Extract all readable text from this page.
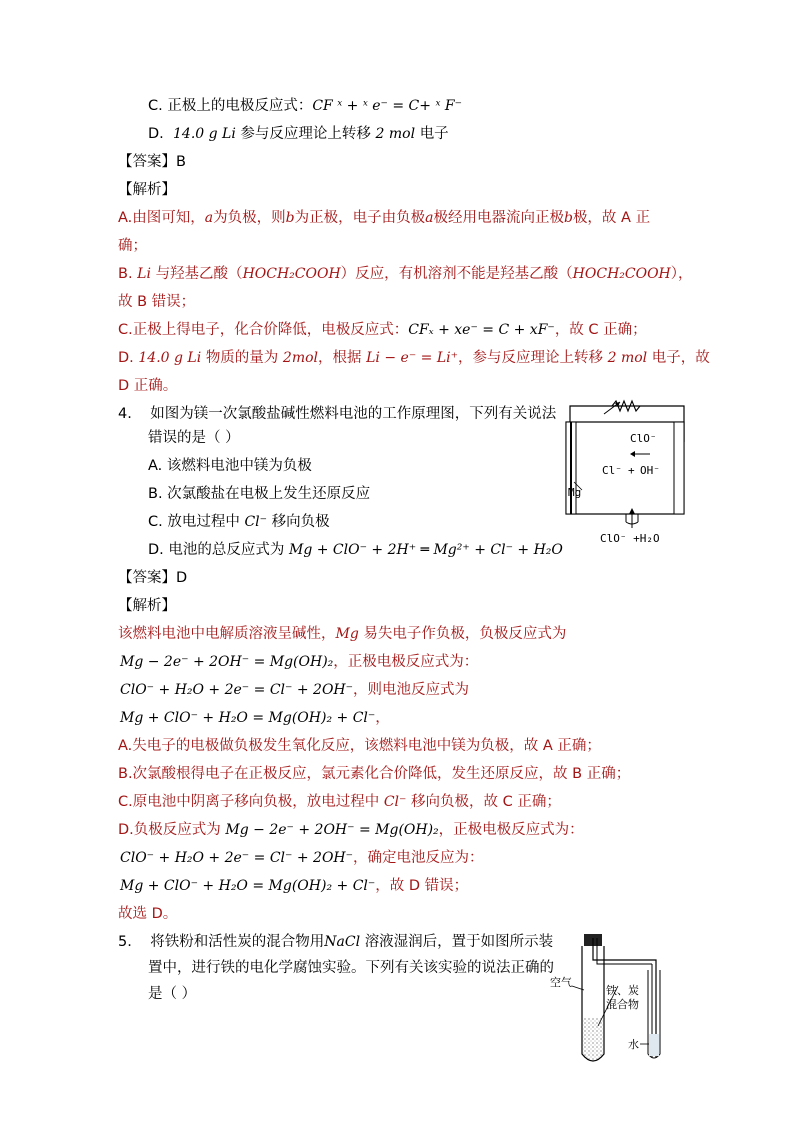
C. 正极上的电极反应式：CF ˣ + ˣ e⁻ = C+ ˣ F⁻
D. 14.0 g Li 参与反应理论上转移 2 mol 电子
【答案】B
【解析】
A.由图可知，a为负极，则b为正极，电子由负极a极经用电器流向正极b极，故 A 正
确；
B. Li 与羟基乙酸（HOCH₂COOH）反应，有机溶剂不能是羟基乙酸（HOCH₂COOH），
故 B 错误；
C.正极上得电子，化合价降低，电极反应式：CFₓ + xe⁻ = C + xF⁻，故 C 正确；
D. 14.0 g Li 物质的量为 2mol，根据 Li − e⁻ = Li⁺，参与反应理论上转移 2 mol 电子，故
D 正确。
4. 如图为镁一次氯酸盐碱性燃料电池的工作原理图，下列有关说法
错误的是（ ）
A. 该燃料电池中镁为负极
B. 次氯酸盐在电极上发生还原反应
C. 放电过程中 Cl⁻ 移向负极
D. 电池的总反应式为 Mg + ClO⁻ + 2H⁺ ═ Mg²⁺ + Cl⁻ + H₂O
ClO⁻
Cl⁻ + OH⁻
Mg
ClO⁻ +H₂O
【答案】D
【解析】
该燃料电池中电解质溶液呈碱性，Mg 易失电子作负极，负极反应式为
Mg − 2e⁻ + 2OH⁻ = Mg(OH)₂，正极电极反应式为：
ClO⁻ + H₂O + 2e⁻ = Cl⁻ + 2OH⁻，则电池反应式为
Mg + ClO⁻ + H₂O = Mg(OH)₂ + Cl⁻，
A.失电子的电极做负极发生氧化反应，该燃料电池中镁为负极，故 A 正确；
B.次氯酸根得电子在正极反应，氯元素化合价降低，发生还原反应，故 B 正确；
C.原电池中阴离子移向负极，放电过程中 Cl⁻ 移向负极，故 C 正确；
D.负极反应式为 Mg − 2e⁻ + 2OH⁻ = Mg(OH)₂，正极电极反应式为：
ClO⁻ + H₂O + 2e⁻ = Cl⁻ + 2OH⁻，确定电池反应为：
Mg + ClO⁻ + H₂O = Mg(OH)₂ + Cl⁻，故 D 错误；
故选 D。
5. 将铁粉和活性炭的混合物用NaCl 溶液湿润后，置于如图所示装
置中，进行铁的电化学腐蚀实验。下列有关该实验的说法正确的
是（ ）
空气
铁、炭
混合物
水
